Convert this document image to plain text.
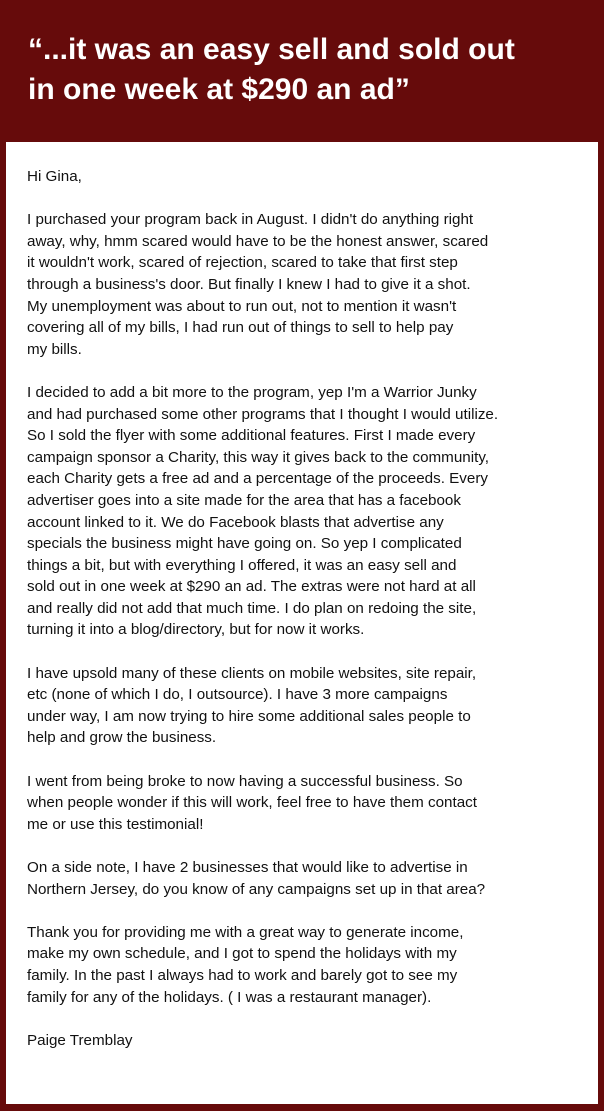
“...it was an easy sell and sold out
in one week at $290 an ad”

Hi Gina,

I purchased your program back in August. I didn't do anything right
away, why, hmm scared would have to be the honest answer, scared
it wouldn't work, scared of rejection, scared to take that first step
through a business's door. But finally I knew I had to give it a shot.
My unemployment was about to run out, not to mention it wasn't
covering all of my bills, I had run out of things to sell to help pay
my bills.

I decided to add a bit more to the program, yep I'm a Warrior Junky
and had purchased some other programs that I thought I would utilize.
So I sold the flyer with some additional features. First I made every
campaign sponsor a Charity, this way it gives back to the community,
each Charity gets a free ad and a percentage of the proceeds. Every
advertiser goes into a site made for the area that has a facebook
account linked to it. We do Facebook blasts that advertise any
specials the business might have going on. So yep I complicated
things a bit, but with everything I offered, it was an easy sell and
sold out in one week at $290 an ad. The extras were not hard at all
and really did not add that much time. I do plan on redoing the site,
turning it into a blog/directory, but for now it works.

I have upsold many of these clients on mobile websites, site repair,
etc (none of which I do, I outsource). I have 3 more campaigns
under way, I am now trying to hire some additional sales people to
help and grow the business.

I went from being broke to now having a successful business. So
when people wonder if this will work, feel free to have them contact
me or use this testimonial!

On a side note, I have 2 businesses that would like to advertise in
Northern Jersey, do you know of any campaigns set up in that area?

Thank you for providing me with a great way to generate income,
make my own schedule, and I got to spend the holidays with my
family. In the past I always had to work and barely got to see my
family for any of the holidays. ( I was a restaurant manager).

Paige Tremblay
